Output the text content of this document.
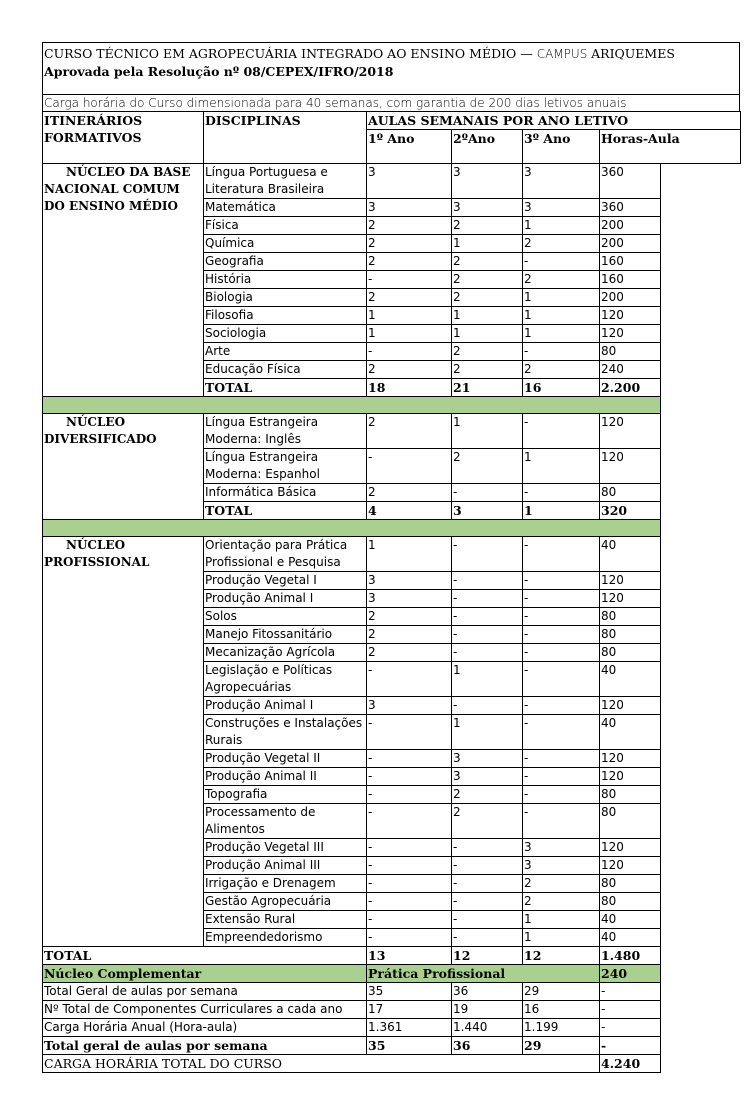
CURSO TÉCNICO EM AGROPECUÁRIA INTEGRADO AO ENSINO MÉDIO — CAMPUS ARIQUEMES
Aprovada pela Resolução nº 08/CEPEX/IFRO/2018
Carga horária do Curso dimensionada para 40 semanas, com garantia de 200 dias letivos anuais
ITINERÁRIOS FORMATIVOS	DISCIPLINAS	AULAS SEMANAIS POR ANO LETIVO				
		1º Ano	2ºAno	3º Ano	Horas-Aula	
NÚCLEO DA BASE NACIONAL COMUM DO ENSINO MÉDIO	Língua Portuguesa e Literatura Brasileira	3	3	3	360	
	Matemática	3	3	3	360	
	Física	2	2	1	200	
	Química	2	1	2	200	
	Geografia	2	2	-	160	
	História	-	2	2	160	
	Biologia	2	2	1	200	
	Filosofia	1	1	1	120	
	Sociologia	1	1	1	120	
	Arte	-	2	-	80	
	Educação Física	2	2	2	240	
	TOTAL	18	21	16	2.200	

NÚCLEO DIVERSIFICADO	Língua Estrangeira Moderna: Inglês	2	1	-	120	
	Língua Estrangeira Moderna: Espanhol	-	2	1	120	
	Informática Básica	2	-	-	80	
	TOTAL	4	3	1	320	

NÚCLEO PROFISSIONAL	Orientação para Prática Profissional e Pesquisa	1	-	-	40	
	Produção Vegetal I	3	-	-	120	
	Produção Animal I	3	-	-	120	
	Solos	2	-	-	80	
	Manejo Fitossanitário	2	-	-	80	
	Mecanização Agrícola	2	-	-	80	
	Legislação e Políticas Agropecuárias	-	1	-	40	
	Produção Animal I	3	-	-	120	
	Construções e Instalações Rurais	-	1	-	40	
	Produção Vegetal II	-	3	-	120	
	Produção Animal II	-	3	-	120	
	Topografia	-	2	-	80	
	Processamento de Alimentos	-	2	-	80	
	Produção Vegetal III	-	-	3	120	
	Produção Animal III	-	-	3	120	
	Irrigação e Drenagem	-	-	2	80	
	Gestão Agropecuária	-	-	2	80	
	Extensão Rural	-	-	1	40	
	Empreendedorismo	-	-	1	40	
TOTAL		13	12	12	1.480	
Núcleo Complementar		Prática Profissional			240	
Total Geral de aulas por semana		35	36	29	-	
Nº Total de Componentes Curriculares a cada ano		17	19	16	-	
Carga Horária Anual (Hora-aula)		1.361	1.440	1.199	-	
Total geral de aulas por semana		35	36	29	-	
CARGA HORÁRIA TOTAL DO CURSO					4.240	
